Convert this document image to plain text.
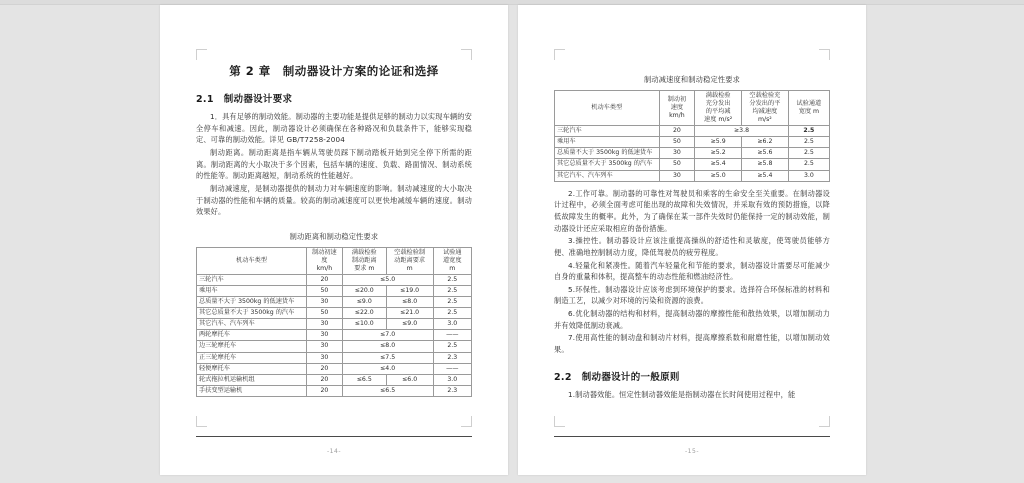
第 2 章　制动器设计方案的论证和选择
2.1 制动器设计要求

1．具有足够的制动效能。制动器的主要功能是提供足够的制动力以实现车辆的安全停车和减速。因此，制动器设计必须确保在各种路况和负载条件下，能够实现稳定、可靠的制动效能。详见 GB/T7258-2004

制动距离。制动距离是指车辆从驾驶员踩下制动踏板开始到完全停下所需的距离。制动距离的大小取决于多个因素，包括车辆的速度、负载、路面情况、制动系统的性能等。制动距离越短，制动系统的性能越好。

制动减速度，是制动器提供的制动力对车辆速度的影响。制动减速度的大小取决于制动器的性能和车辆的质量。较高的制动减速度可以更快地减缓车辆的速度。制动效果好。

制动距离和制动稳定性要求
机动车类型	制动初速
度
km/h	满载检验
制动距离
要求 m	空载检验制
动距离要求
m	试验通
道宽度
m
三轮汽车	20	≤5.0		2.5
乘用车	50	≤20.0	≤19.0	2.5
总质量不大于 3500kg 的低速货车	30	≤9.0	≤8.0	2.5
其它总质量不大于 3500kg 的汽车	50	≤22.0	≤21.0	2.5
其它汽车、汽车列车	30	≤10.0	≤9.0	3.0
两轮摩托车	30	≤7.0		——
边三轮摩托车	30	≤8.0		2.5
正三轮摩托车	30	≤7.5		2.3
轻便摩托车	20	≤4.0		——
轮式拖拉机运输机组	20	≤6.5	≤6.0	3.0
手扶变型运输机	20	≤6.5		2.3
-14-
制动减速度和制动稳定性要求
机动车类型	制动初
速度
km/h	满载检验
充分发出
的平均减
速度 m/s²	空载检验充
分发出的平
均减速度
m/s²	试验通道
宽度 m
三轮汽车	20	≥3.8		2.5
乘用车	50	≥5.9	≥6.2	2.5
总质量不大于 3500kg 的低速货车	30	≥5.2	≥5.6	2.5
其它总质量不大于 3500kg 的汽车	50	≥5.4	≥5.8	2.5
其它汽车、汽车列车	30	≥5.0	≥5.4	3.0

2.工作可靠。制动器的可靠性对驾驶员和乘客的生命安全至关重要。在制动器设计过程中，必须全面考虑可能出现的故障和失效情况，并采取有效的预防措施，以降低故障发生的概率。此外，为了确保在某一部件失效时仍能保持一定的制动效能，制动器设计还应采取相应的备份措施。

3.操控性。制动器设计应该注重提高操纵的舒适性和灵敏度，使驾驶员能够方便、准确地控制制动力度，降低驾驶员的疲劳程度。

4.轻量化和紧凑性。随着汽车轻量化和节能的要求，制动器设计需要尽可能减少自身的重量和体积，提高整车的动态性能和燃油经济性。

5.环保性。制动器设计应该考虑到环境保护的要求。选择符合环保标准的材料和制造工艺，以减少对环境的污染和资源的浪费。

6.优化制动器的结构和材料，提高制动器的摩擦性能和散热效果，以增加制动力并有效降低制动衰减。

7.使用高性能的制动盘和制动片材料，提高摩擦系数和耐磨性能，以增加制动效果。

2.2 制动器设计的一般原则

1.制动器效能。恒定性制动器效能是指制动器在长时间使用过程中，能

-15-
